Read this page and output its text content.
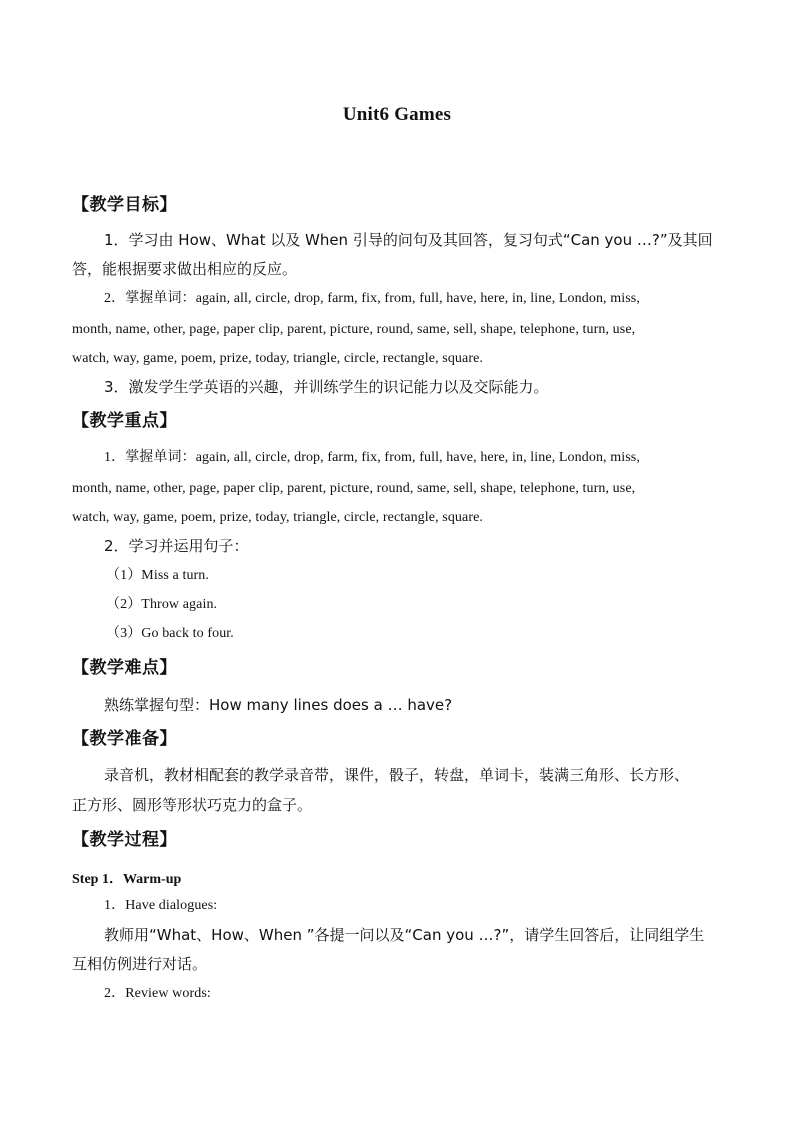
Unit6 Games
【教学目标】
1．学习由 How、What 以及 When 引导的问句及其回答，复习句式“Can you …?”及其回
答，能根据要求做出相应的反应。
2．掌握单词：again, all, circle, drop, farm, fix, from, full, have, here, in, line, London, miss,
month, name, other, page, paper clip, parent, picture, round, same, sell, shape, telephone, turn, use,
watch, way, game, poem, prize, today, triangle, circle, rectangle, square.
3．激发学生学英语的兴趣，并训练学生的识记能力以及交际能力。
【教学重点】
1．掌握单词：again, all, circle, drop, farm, fix, from, full, have, here, in, line, London, miss,
month, name, other, page, paper clip, parent, picture, round, same, sell, shape, telephone, turn, use,
watch, way, game, poem, prize, today, triangle, circle, rectangle, square.
2．学习并运用句子：
（1）Miss a turn.
（2）Throw again.
（3）Go back to four.
【教学难点】
熟练掌握句型：How many lines does a … have?
【教学准备】
录音机，教材相配套的教学录音带，课件，骰子，转盘，单词卡，装满三角形、长方形、
正方形、圆形等形状巧克力的盒子。
【教学过程】
Step 1．Warm-up
1．Have dialogues:
教师用“What、How、When ”各提一问以及“Can you …?”，请学生回答后，让同组学生
互相仿例进行对话。
2．Review words:
